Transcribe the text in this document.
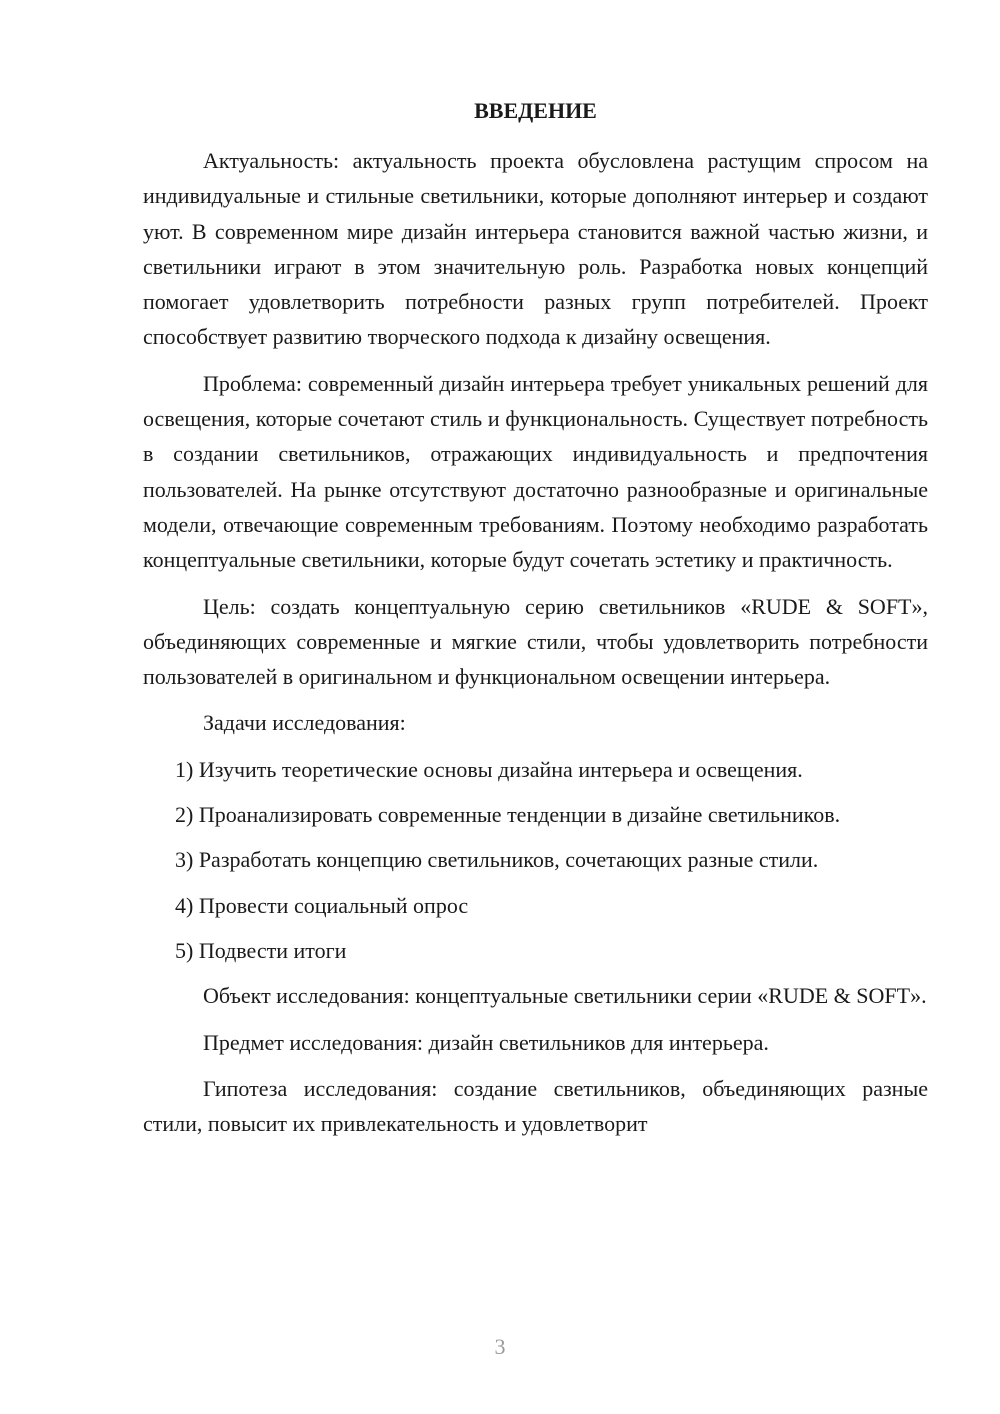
ВВЕДЕНИЕ

Актуальность: актуальность проекта обусловлена растущим спросом на индивидуальные и стильные светильники, которые дополняют интерьер и создают уют. В современном мире дизайн интерьера становится важной частью жизни, и светильники играют в этом значительную роль. Разработка новых концепций помогает удовлетворить потребности разных групп потребителей. Проект способствует развитию творческого подхода к дизайну освещения.

Проблема: современный дизайн интерьера требует уникальных решений для освещения, которые сочетают стиль и функциональность. Существует потребность в создании светильников, отражающих индивидуальность и предпочтения пользователей. На рынке отсутствуют достаточно разнообразные и оригинальные модели, отвечающие современным требованиям. Поэтому необходимо разработать концептуальные светильники, которые будут сочетать эстетику и практичность.

Цель: создать концептуальную серию светильников «RUDE & SOFT», объединяющих современные и мягкие стили, чтобы удовлетворить потребности пользователей в оригинальном и функциональном освещении интерьера.

Задачи исследования:

1) Изучить теоретические основы дизайна интерьера и освещения.

2) Проанализировать современные тенденции в дизайне светильников.

3) Разработать концепцию светильников, сочетающих разные стили.

4) Провести социальный опрос

5) Подвести итоги

Объект исследования: концептуальные светильники серии «RUDE & SOFT».

Предмет исследования: дизайн светильников для интерьера.

Гипотеза исследования: создание светильников, объединяющих разные стили, повысит их привлекательность и удовлетворит

3
